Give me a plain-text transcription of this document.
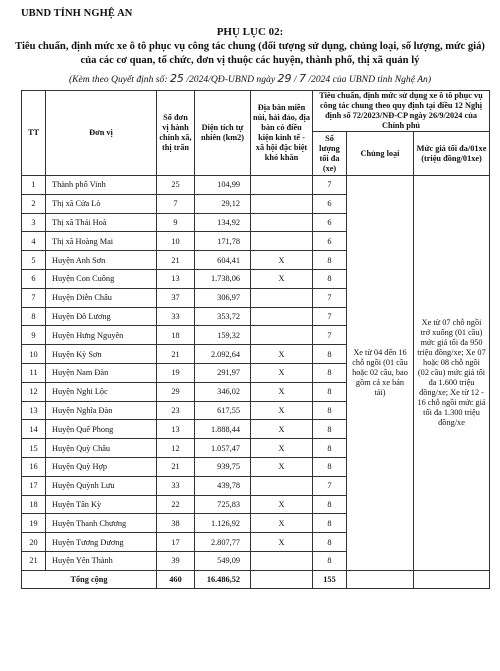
UBND TỈNH NGHỆ AN
PHỤ LỤC 02:
Tiêu chuẩn, định mức xe ô tô phục vụ công tác chung (đối tượng sử dụng, chủng loại, số lượng, mức giá) của các cơ quan, tổ chức, đơn vị thuộc các huyện, thành phố, thị xã quản lý
(Kèm theo Quyết định số: 25 /2024/QĐ-UBND ngày 29 / 7 /2024 của UBND tỉnh Nghệ An)
TT	Đơn vị	Số đơn vị hành chính xã, thị trấn	Diện tích tự nhiên (km2)	Địa bàn miền núi, hải đảo, địa bàn có điều kiện kinh tế - xã hội đặc biệt khó khăn	Tiêu chuẩn, định mức sử dụng xe ô tô phục vụ công tác chung theo quy định tại điều 12 Nghị định số 72/2023/NĐ-CP ngày 26/9/2024 của Chính phủ		
					Số lượng tối đa (xe)	Chủng loại	Mức giá tối đa/01xe (triệu đồng/01xe)
1	Thành phố Vinh	25	104,99		7	Xe từ 04 đến 16 chỗ ngồi (01 cầu hoặc 02 cầu, bao gồm cả xe bán tải)	Xe từ 07 chỗ ngồi trở xuống (01 cầu) mức giá tối đa 950 triệu đồng/xe; Xe 07 hoặc 08 chỗ ngồi (02 cầu) mức giá tối đa 1.600 triệu đồng/xe; Xe từ 12 - 16 chỗ ngồi mức giá tối đa 1.300 triệu đồng/xe
2	Thị xã Cửa Lò	7	29,12		6		
3	Thị xã Thái Hoà	9	134,92		6		
4	Thị xã Hoàng Mai	10	171,78		6		
5	Huyện Anh Sơn	21	604,41	X	8		
6	Huyện Con Cuông	13	1.738,06	X	8		
7	Huyện Diễn Châu	37	306,97		7		
8	Huyện Đô Lương	33	353,72		7		
9	Huyện Hưng Nguyên	18	159,32		7		
10	Huyện Kỳ Sơn	21	2.092,64	X	8		
11	Huyện Nam Đàn	19	291,97	X	8		
12	Huyện Nghi Lộc	29	346,02	X	8		
13	Huyện Nghĩa Đàn	23	617,55	X	8		
14	Huyện Quế Phong	13	1.888,44	X	8		
15	Huyện Quỳ Châu	12	1.057,47	X	8		
16	Huyện Quỳ Hợp	21	939,75	X	8		
17	Huyện Quỳnh Lưu	33	439,78		7		
18	Huyện Tân Kỳ	22	725,83	X	8		
19	Huyện Thanh Chương	38	1.126,92	X	8		
20	Huyện Tương Dương	17	2.807,77	X	8		
21	Huyện Yên Thành	39	549,09		8		
Tổng cộng		460	16.486,52		155		
